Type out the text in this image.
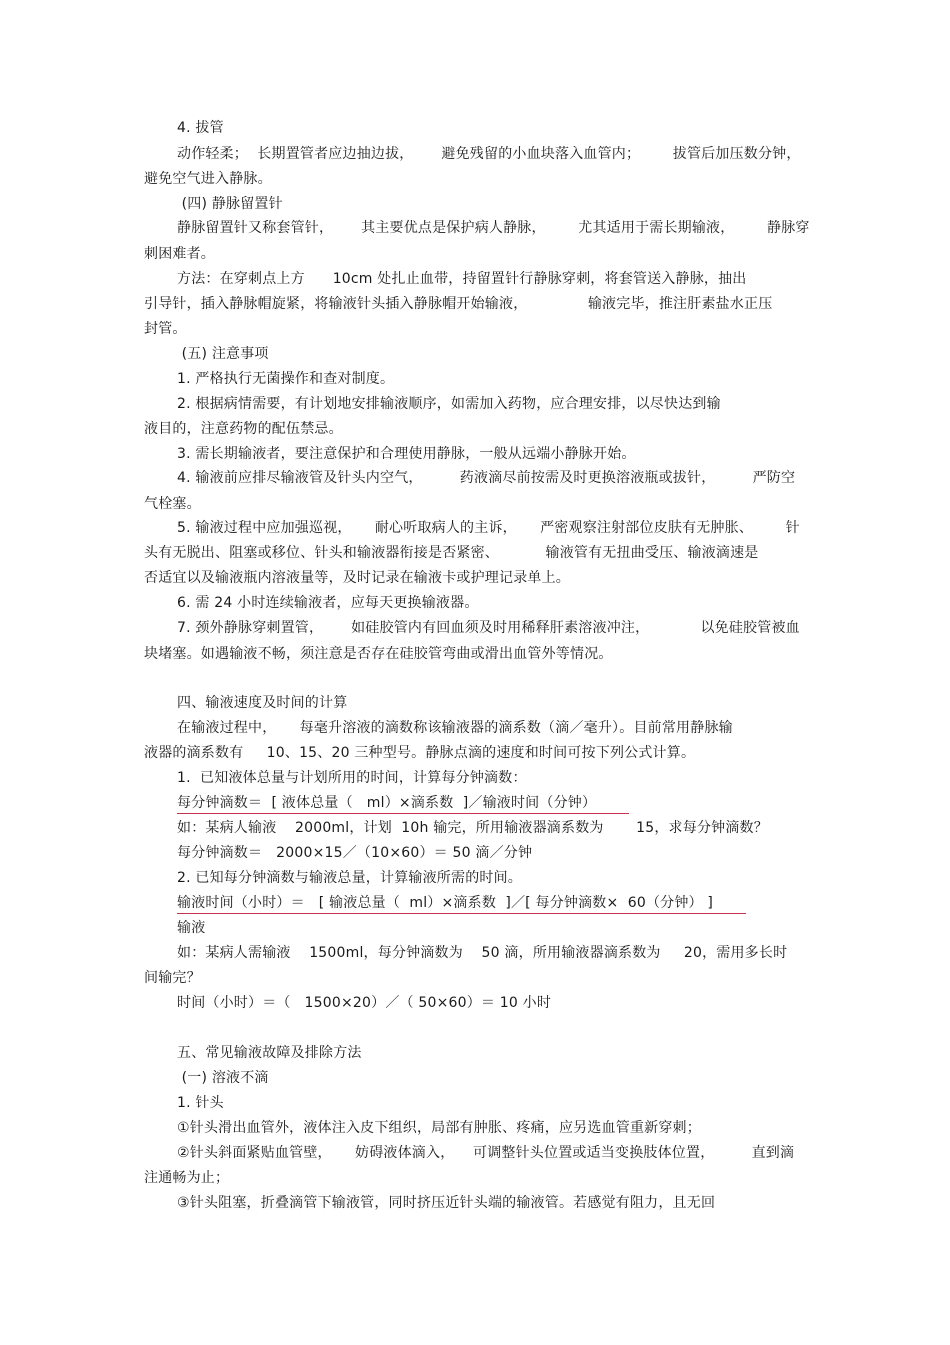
4. 拔管
动作轻柔；  长期置管者应边抽边拔，      避免残留的小血块落入血管内；       拔管后加压数分钟，
避免空气进入静脉。
(四) 静脉留置针
静脉留置针又称套管针，      其主要优点是保护病人静脉，       尤其适用于需长期输液，       静脉穿
刺困难者。
方法：在穿刺点上方      10cm 处扎止血带，持留置针行静脉穿刺，将套管送入静脉，抽出
引导针，插入静脉帽旋紧，将输液针头插入静脉帽开始输液，             输液完毕，推注肝素盐水正压
封管。
(五) 注意事项
1. 严格执行无菌操作和查对制度。
2. 根据病情需要，有计划地安排输液顺序，如需加入药物，应合理安排，以尽快达到输
液目的，注意药物的配伍禁忌。
3. 需长期输液者，要注意保护和合理使用静脉，一般从远端小静脉开始。
4. 输液前应排尽输液管及针头内空气，        药液滴尽前按需及时更换溶液瓶或拔针，        严防空
气栓塞。
5. 输液过程中应加强巡视，     耐心听取病人的主诉，     严密观察注射部位皮肤有无肿胀、       针
头有无脱出、阻塞或移位、针头和输液器衔接是否紧密、          输液管有无扭曲受压、输液滴速是
否适宜以及输液瓶内溶液量等，及时记录在输液卡或护理记录单上。
6. 需 24 小时连续输液者，应每天更换输液器。
7. 颈外静脉穿刺置管，      如硅胶管内有回血须及时用稀释肝素溶液冲注，           以免硅胶管被血
块堵塞。如遇输液不畅，须注意是否存在硅胶管弯曲或滑出血管外等情况。
四、输液速度及时间的计算
在输液过程中，     每毫升溶液的滴数称该输液器的滴系数（滴／毫升）。目前常用静脉输
液器的滴系数有     10、15、20 三种型号。静脉点滴的速度和时间可按下列公式计算。
1.  已知液体总量与计划所用的时间，计算每分钟滴数：
每分钟滴数＝  [ 液体总量（   ml）×滴系数  ]／输液时间（分钟）
如：某病人输液    2000ml，计划  10h 输完，所用输液器滴系数为       15，求每分钟滴数？
每分钟滴数＝   2000×15／（10×60）＝ 50 滴／分钟
2. 已知每分钟滴数与输液总量，计算输液所需的时间。
输液时间（小时）＝   [ 输液总量（  ml）×滴系数  ]／[ 每分钟滴数×  60（分钟） ]
输液
如：某病人需输液    1500ml，每分钟滴数为    50 滴，所用输液器滴系数为     20，需用多长时
间输完？
时间（小时）＝（   1500×20）／（ 50×60）＝ 10 小时
五、常见输液故障及排除方法
(一) 溶液不滴
1. 针头
①针头滑出血管外，液体注入皮下组织，局部有肿胀、疼痛，应另选血管重新穿刺；
②针头斜面紧贴血管壁，     妨碍液体滴入，    可调整针头位置或适当变换肢体位置，        直到滴
注通畅为止；
③针头阻塞，折叠滴管下输液管，同时挤压近针头端的输液管。若感觉有阻力，且无回
